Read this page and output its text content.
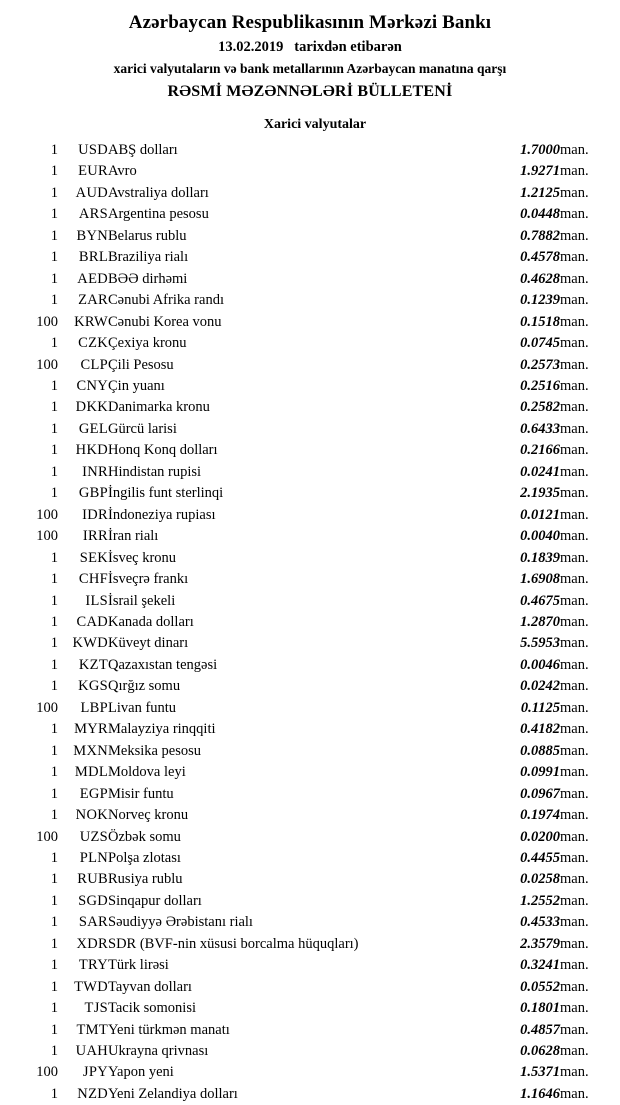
Azərbaycan Respublikasının Mərkəzi Bankı
13.02.2019 tarixdən etibarən
xarici valyutaların və bank metallarının Azərbaycan manatına qarşı
RƏSMİ MƏZƏNNƏLƏRİ BÜLLETENİ
Xarici valyutalar
1	USD	ABŞ dolları	1.7000	man.
1	EUR	Avro	1.9271	man.
1	AUD	Avstraliya dolları	1.2125	man.
1	ARS	Argentina pesosu	0.0448	man.
1	BYN	Belarus rublu	0.7882	man.
1	BRL	Braziliya rialı	0.4578	man.
1	AED	BƏƏ dirhəmi	0.4628	man.
1	ZAR	Cənubi Afrika randı	0.1239	man.
100	KRW	Cənubi Korea vonu	0.1518	man.
1	CZK	Çexiya kronu	0.0745	man.
100	CLP	Çili Pesosu	0.2573	man.
1	CNY	Çin yuanı	0.2516	man.
1	DKK	Danimarka kronu	0.2582	man.
1	GEL	Gürcü larisi	0.6433	man.
1	HKD	Honq Konq dolları	0.2166	man.
1	INR	Hindistan rupisi	0.0241	man.
1	GBP	İngilis funt sterlinqi	2.1935	man.
100	IDR	İndoneziya rupiası	0.0121	man.
100	IRR	İran rialı	0.0040	man.
1	SEK	İsveç kronu	0.1839	man.
1	CHF	İsveçrə frankı	1.6908	man.
1	ILS	İsrail şekeli	0.4675	man.
1	CAD	Kanada dolları	1.2870	man.
1	KWD	Küveyt dinarı	5.5953	man.
1	KZT	Qazaxıstan tengəsi	0.0046	man.
1	KGS	Qırğız somu	0.0242	man.
100	LBP	Livan funtu	0.1125	man.
1	MYR	Malayziya rinqqiti	0.4182	man.
1	MXN	Meksika pesosu	0.0885	man.
1	MDL	Moldova leyi	0.0991	man.
1	EGP	Misir funtu	0.0967	man.
1	NOK	Norveç kronu	0.1974	man.
100	UZS	Özbək somu	0.0200	man.
1	PLN	Polşa zlotası	0.4455	man.
1	RUB	Rusiya rublu	0.0258	man.
1	SGD	Sinqapur dolları	1.2552	man.
1	SAR	Səudiyyə Ərəbistanı rialı	0.4533	man.
1	XDR	SDR (BVF-nin xüsusi borcalma hüquqları)	2.3579	man.
1	TRY	Türk lirəsi	0.3241	man.
1	TWD	Tayvan dolları	0.0552	man.
1	TJS	Tacik somonisi	0.1801	man.
1	TMT	Yeni türkmən manatı	0.4857	man.
1	UAH	Ukrayna qrivnası	0.0628	man.
100	JPY	Yapon yeni	1.5371	man.
1	NZD	Yeni Zelandiya dolları	1.1646	man.
